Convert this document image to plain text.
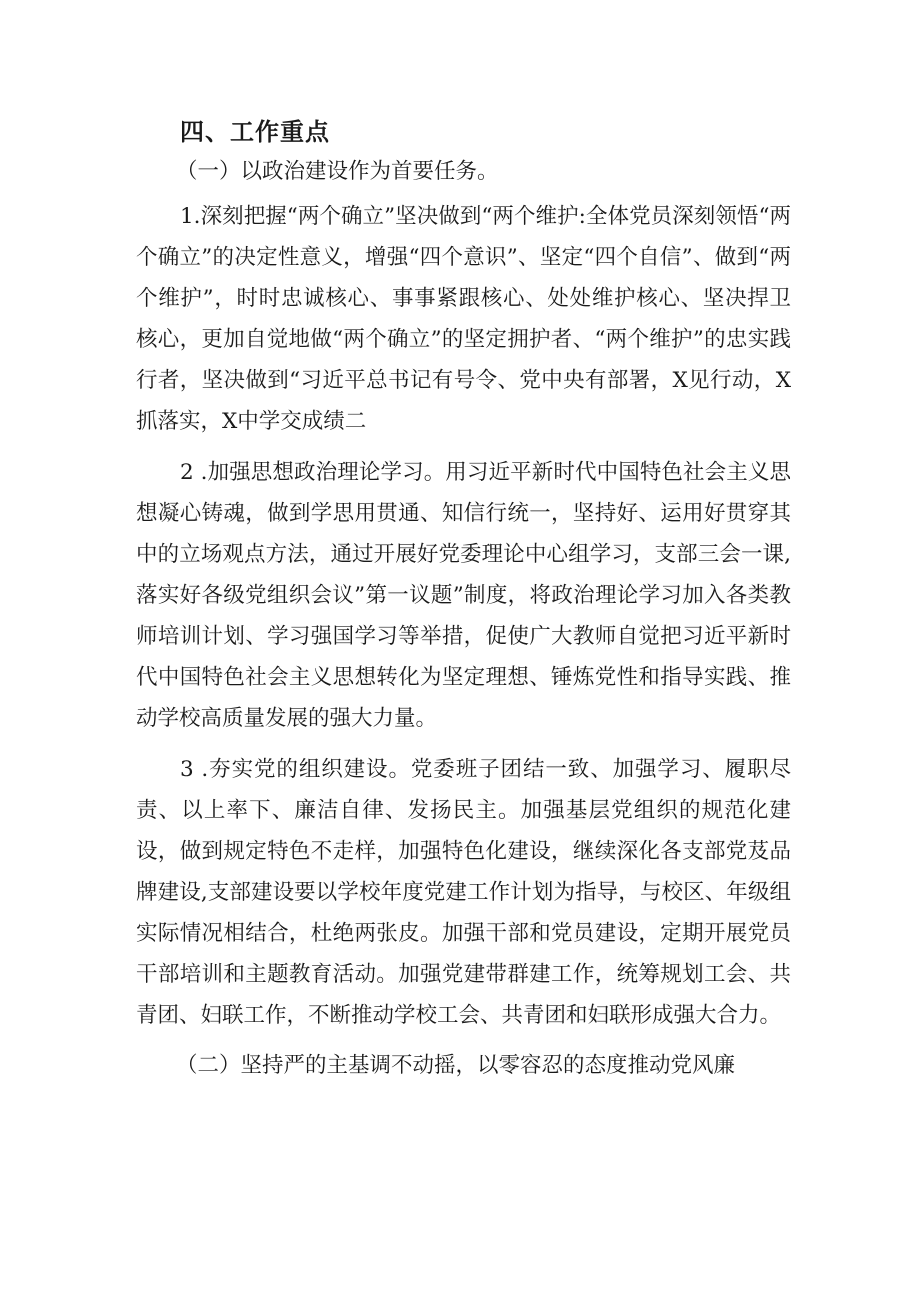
四、工作重点
（一）以政治建设作为首要任务。

1.深刻把握“两个确立”坚决做到“两个维护:全体党员深刻领悟“两个确立”的决定性意义，增强“四个意识”、坚定“四个自信”、做到“两个维护”，时时忠诚核心、事事紧跟核心、处处维护核心、坚决捍卫核心，更加自觉地做“两个确立”的坚定拥护者、“两个维护”的忠实践行者，坚决做到“习近平总书记有号令、党中央有部署，X见行动，X抓落实，X中学交成绩二

2 .加强思想政治理论学习。用习近平新时代中国特色社会主义思想凝心铸魂，做到学思用贯通、知信行统一，坚持好、运用好贯穿其中的立场观点方法，通过开展好党委理论中心组学习，支部三会一课,落实好各级党组织会议”第一议题”制度，将政治理论学习加入各类教师培训计划、学习强国学习等举措，促使广大教师自觉把习近平新时代中国特色社会主义思想转化为坚定理想、锤炼党性和指导实践、推动学校高质量发展的强大力量。

3 .夯实党的组织建设。党委班子团结一致、加强学习、履职尽责、以上率下、廉洁自律、发扬民主。加强基层党组织的规范化建设，做到规定特色不走样，加强特色化建设，继续深化各支部党芨品牌建设,支部建设要以学校年度党建工作计划为指导，与校区、年级组实际情况相结合，杜绝两张皮。加强干部和党员建设，定期开展党员干部培训和主题教育活动。加强党建带群建工作，统筹规划工会、共青团、妇联工作，不断推动学校工会、共青团和妇联形成强大合力。

（二）坚持严的主基调不动摇，以零容忍的态度推动党风廉
